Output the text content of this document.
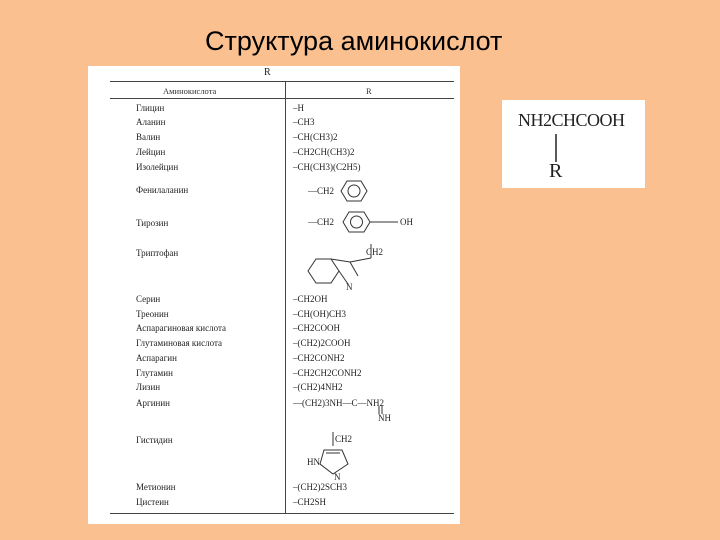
Структура аминокислот
R
Аминокислота	R
Глицин
Аланин
Валин
Лейцин
Изолейцин
Фенилаланин
Тирозин
Триптофан
Серин
Треонин
Аспарагиновая кислота
Глутаминовая кислота
Аспарагин
Глутамин
Лизин
Аргинин
Гистидин
Метионин
Цистеин
–H
–CH3
–CH(CH3)2
–CH2CH(CH3)2
–CH(CH3)(C2H5)
—CH2
—CH2	OH
CH2
N
–CH2OH
–CH(OH)CH3
–CH2COOH
–(CH2)2COOH
–CH2CONH2
–CH2CH2CONH2
–(CH2)4NH2
—(CH2)3NH—C—NH2
NH
CH2
HN
N
–(CH2)2SCH3
–CH2SH
NH2CHCOOH
R
